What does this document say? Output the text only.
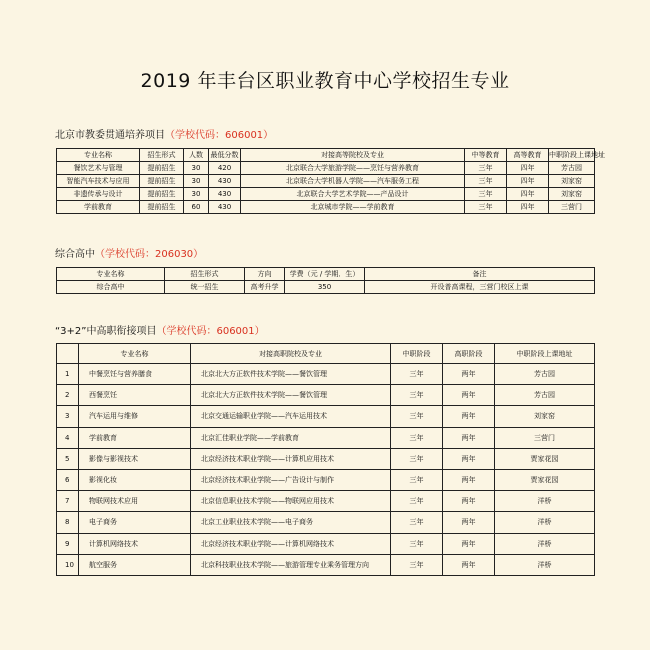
2019 年丰台区职业教育中心学校招生专业
北京市教委贯通培养项目（学校代码：606001）
专业名称	招生形式	人数	最低分数	对接高等院校及专业	中等教育	高等教育	中职阶段上课地址
餐饮艺术与管理	提前招生	30	420	北京联合大学旅游学院——烹饪与营养教育	三年	四年	芳古园
智能汽车技术与应用	提前招生	30	430	北京联合大学机器人学院——汽车服务工程	三年	四年	刘家窑
非遗传承与设计	提前招生	30	430	北京联合大学艺术学院——产品设计	三年	四年	刘家窑
学前教育	提前招生	60	430	北京城市学院——学前教育	三年	四年	三营门
综合高中（学校代码：206030）
专业名称	招生形式	方向	学费（元 / 学期．生）	备注
综合高中	统一招生	高考升学	350	开设普高课程，三营门校区上课
“3+2”中高职衔接项目（学校代码：606001）
	专业名称	对接高职院校及专业	中职阶段	高职阶段	中职阶段上课地址
1	中餐烹饪与营养膳食	北京北大方正软件技术学院——餐饮管理	三年	两年	芳古园
2	西餐烹饪	北京北大方正软件技术学院——餐饮管理	三年	两年	芳古园
3	汽车运用与维修	北京交通运输职业学院——汽车运用技术	三年	两年	刘家窑
4	学前教育	北京汇佳职业学院——学前教育	三年	两年	三营门
5	影像与影视技术	北京经济技术职业学院——计算机应用技术	三年	两年	贾家花园
6	影视化妆	北京经济技术职业学院——广告设计与制作	三年	两年	贾家花园
7	物联网技术应用	北京信息职业技术学院——物联网应用技术	三年	两年	洋桥
8	电子商务	北京工业职业技术学院——电子商务	三年	两年	洋桥
9	计算机网络技术	北京经济技术职业学院——计算机网络技术	三年	两年	洋桥
10	航空服务	北京科技职业技术学院——旅游管理专业乘务管理方向	三年	两年	洋桥
